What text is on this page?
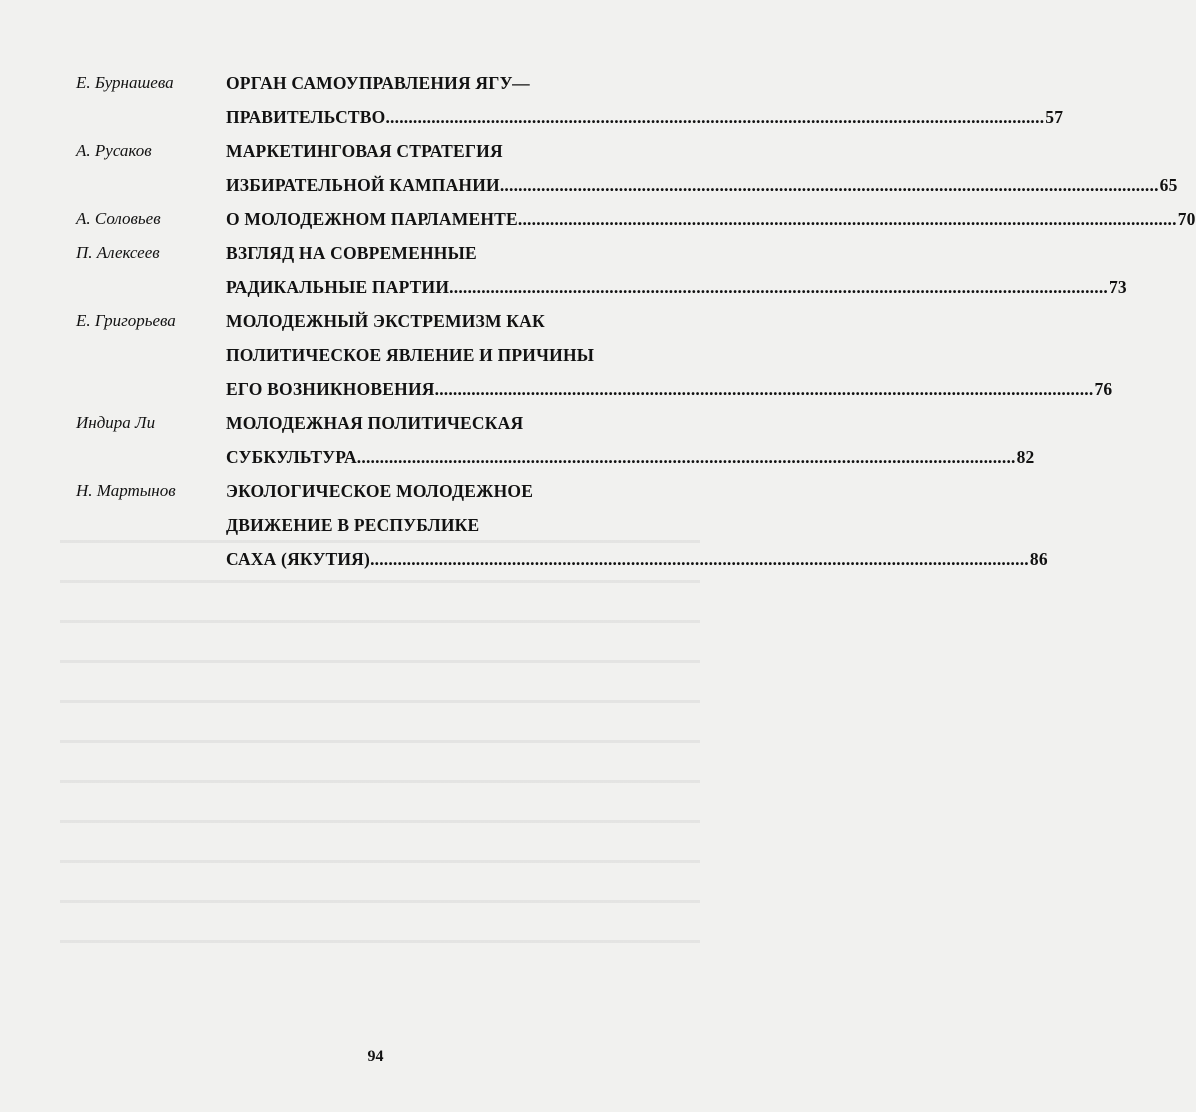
Е. Бурнашева	ОРГАН САМОУПРАВЛЕНИЯ ЯГУ—
ПРАВИТЕЛЬСТВО .....	57
А. Русаков	МАРКЕТИНГОВАЯ СТРАТЕГИЯ
ИЗБИРАТЕЛЬНОЙ КАМПАНИИ .....	65
А. Соловьев	О МОЛОДЕЖНОМ ПАРЛАМЕНТЕ .....	70
П. Алексеев	ВЗГЛЯД НА СОВРЕМЕННЫЕ
РАДИКАЛЬНЫЕ ПАРТИИ .....	73
Е. Григорьева	МОЛОДЕЖНЫЙ ЭКСТРЕМИЗМ КАК
ПОЛИТИЧЕСКОЕ ЯВЛЕНИЕ И ПРИЧИНЫ
ЕГО ВОЗНИКНОВЕНИЯ .....	76
Индира Ли	МОЛОДЕЖНАЯ ПОЛИТИЧЕСКАЯ
СУБКУЛЬТУРА .....	82
Н. Мартынов	ЭКОЛОГИЧЕСКОЕ МОЛОДЕЖНОЕ
ДВИЖЕНИЕ В РЕСПУБЛИКЕ
САХА (ЯКУТИЯ) .....	86
94
